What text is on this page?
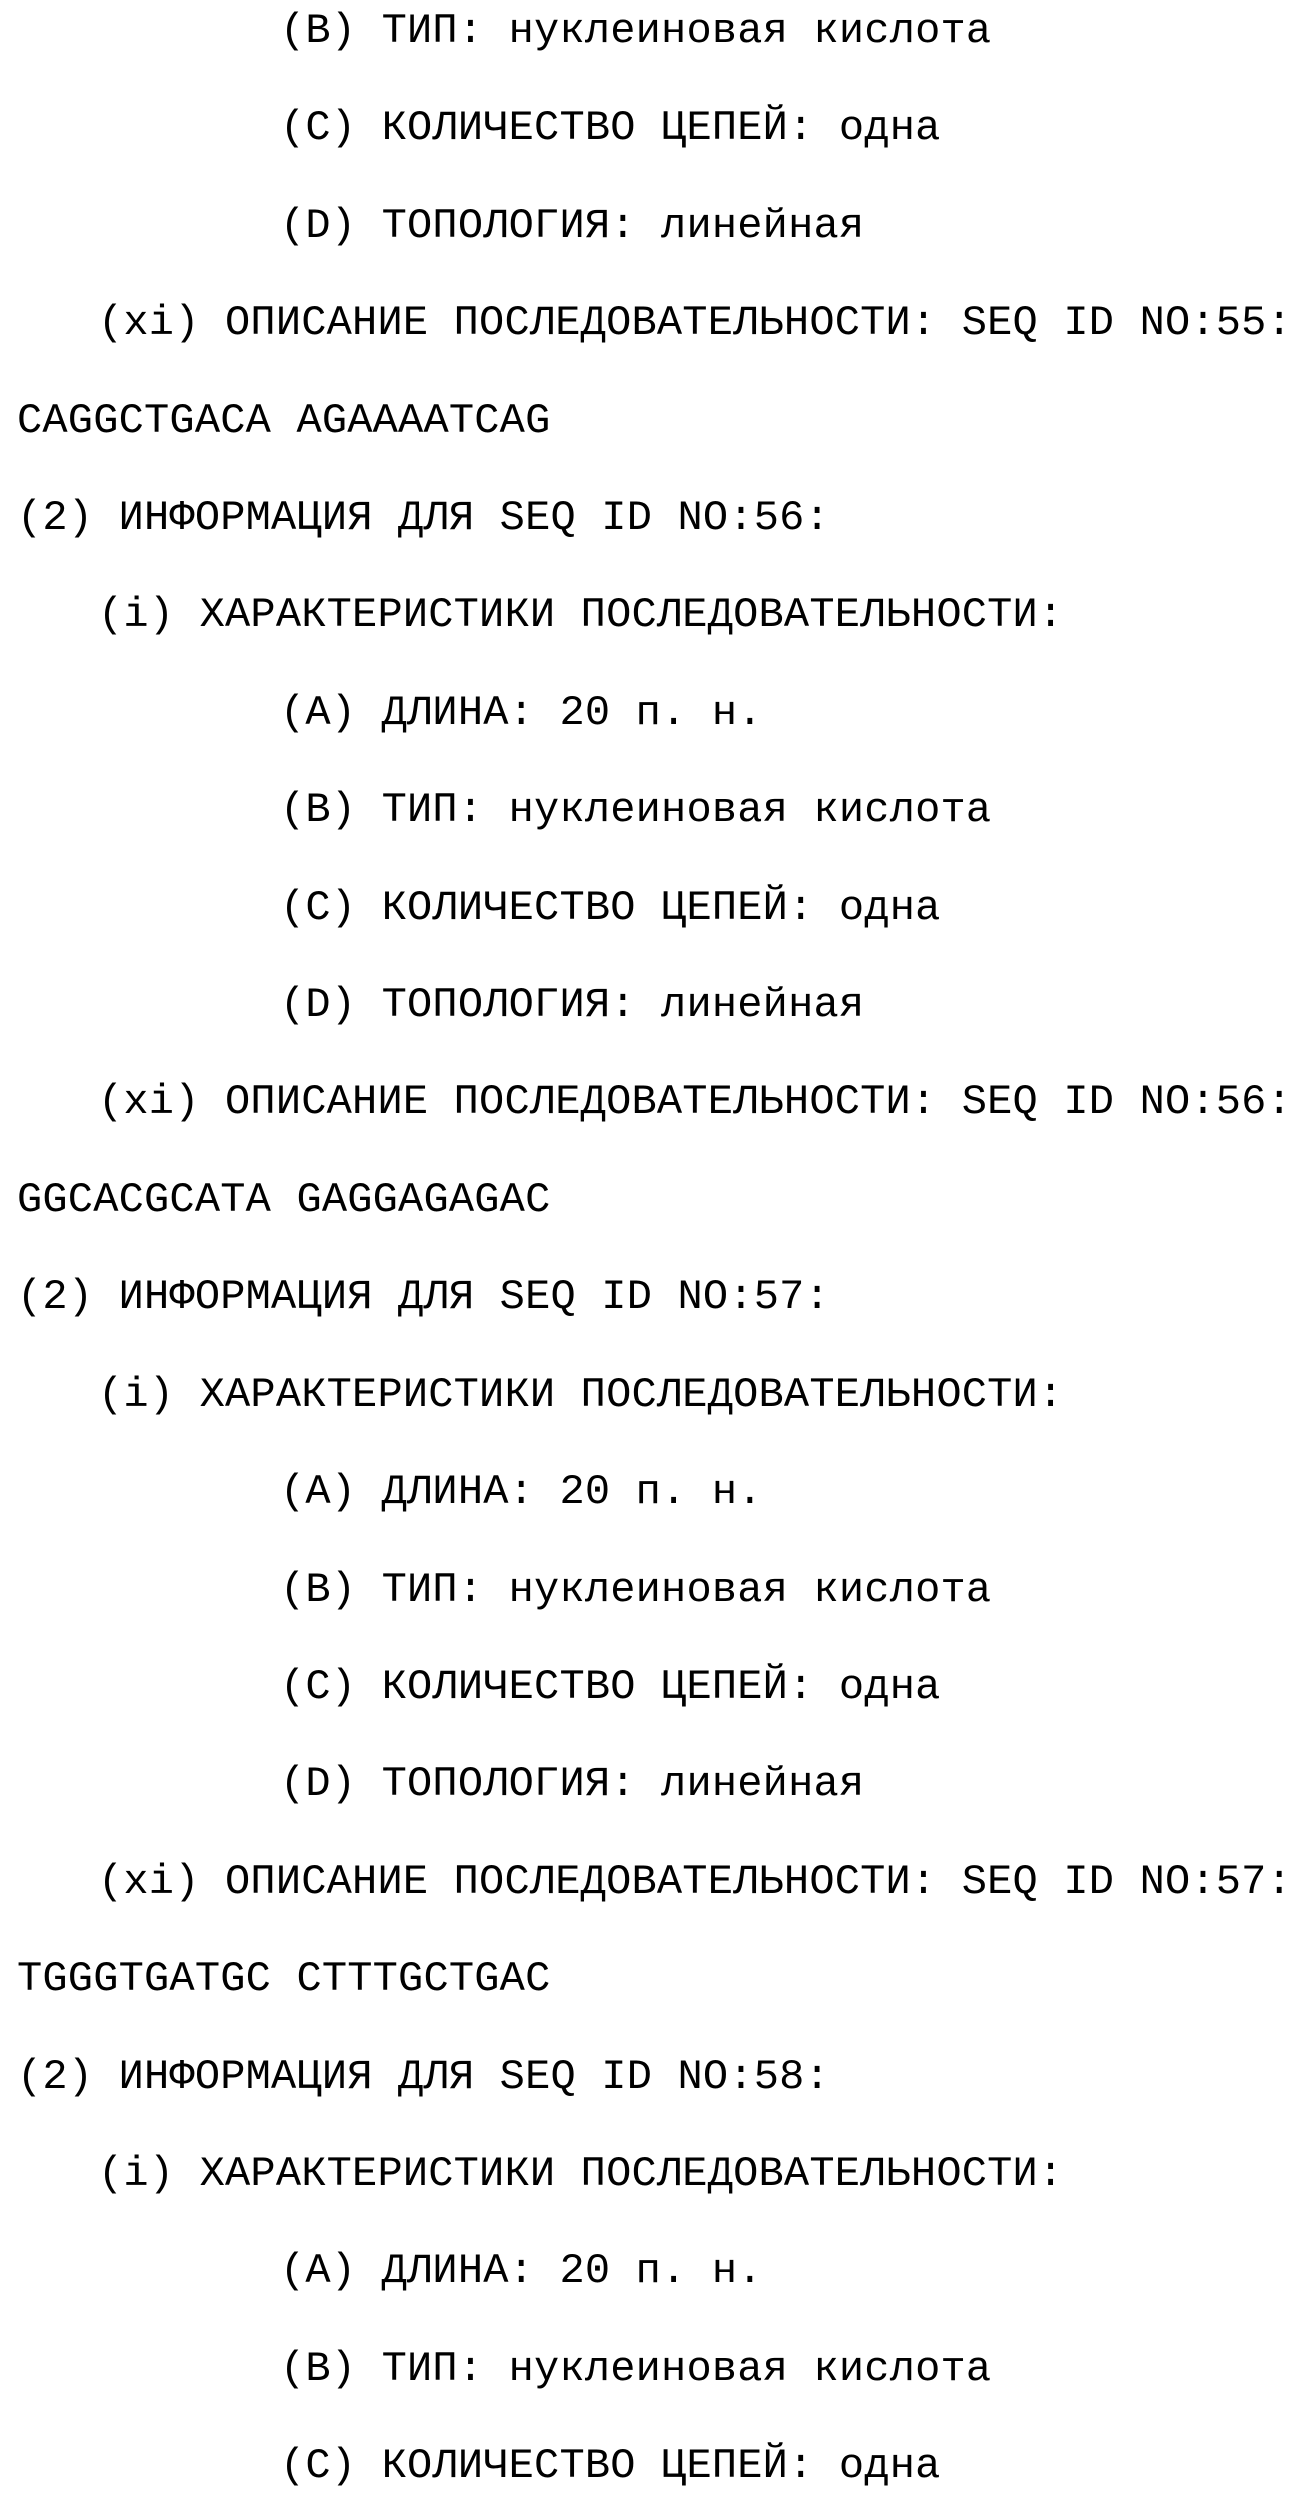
(B) ТИП: нуклеиновая кислота
(C) КОЛИЧЕСТВО ЦЕПЕЙ: одна
(D) ТОПОЛОГИЯ: линейная
(xi) ОПИСАНИЕ ПОСЛЕДОВАТЕЛЬНОСТИ: SEQ ID NO:55:
CAGGCTGACA AGAAAATCAG
(2) ИНФОРМАЦИЯ ДЛЯ SEQ ID NO:56:
(i) ХАРАКТЕРИСТИКИ ПОСЛЕДОВАТЕЛЬНОСТИ:
(A) ДЛИНА: 20 п. н.
(B) ТИП: нуклеиновая кислота
(C) КОЛИЧЕСТВО ЦЕПЕЙ: одна
(D) ТОПОЛОГИЯ: линейная
(xi) ОПИСАНИЕ ПОСЛЕДОВАТЕЛЬНОСТИ: SEQ ID NO:56:
GGCACGCATA GAGGAGAGAC
(2) ИНФОРМАЦИЯ ДЛЯ SEQ ID NO:57:
(i) ХАРАКТЕРИСТИКИ ПОСЛЕДОВАТЕЛЬНОСТИ:
(A) ДЛИНА: 20 п. н.
(B) ТИП: нуклеиновая кислота
(C) КОЛИЧЕСТВО ЦЕПЕЙ: одна
(D) ТОПОЛОГИЯ: линейная
(xi) ОПИСАНИЕ ПОСЛЕДОВАТЕЛЬНОСТИ: SEQ ID NO:57:
TGGGTGATGC CTTTGCTGAC
(2) ИНФОРМАЦИЯ ДЛЯ SEQ ID NO:58:
(i) ХАРАКТЕРИСТИКИ ПОСЛЕДОВАТЕЛЬНОСТИ:
(A) ДЛИНА: 20 п. н.
(B) ТИП: нуклеиновая кислота
(C) КОЛИЧЕСТВО ЦЕПЕЙ: одна
